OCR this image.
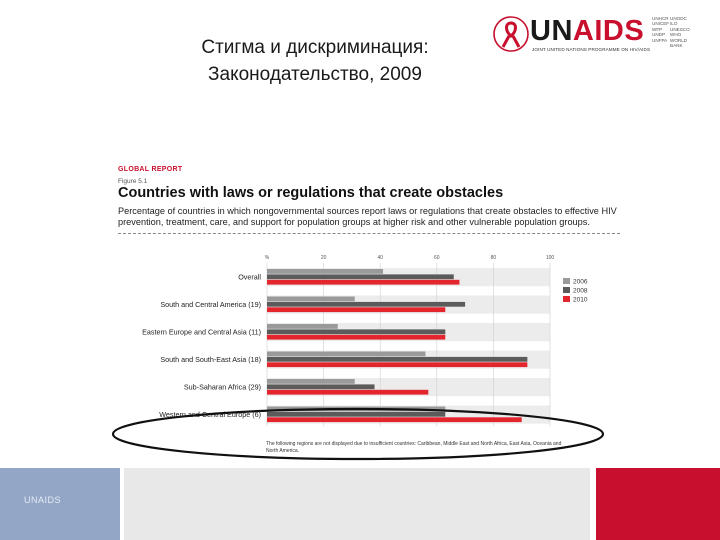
Стигма и дискриминация:
Законодательство, 2009
UNAIDS
JOINT UNITED NATIONS PROGRAMME ON HIV/AIDS
UNHCR
UNICEF
WFP
UNDP
UNFPA
UNODC
ILO
UNESCO
WHO
WORLD BANK
GLOBAL REPORT
Figure 5.1
Countries with laws or regulations that create obstacles
Percentage of countries in which nongovernmental sources report laws or regulations that create obstacles to effective HIV prevention, treatment, care, and support for population groups at higher risk and other vulnerable population groups.
%	20	40	60	80	100
Overall
South and Central America (19)
Eastern Europe and Central Asia (11)
South and South-East Asia (18)
Sub-Saharan Africa (29)
Western and Central Europe (6)
2006
2008
2010
The following regions are not displayed due to insufficient countries: Caribbean, Middle East and North Africa, East Asia, Oceania and North America.
UNAIDS
